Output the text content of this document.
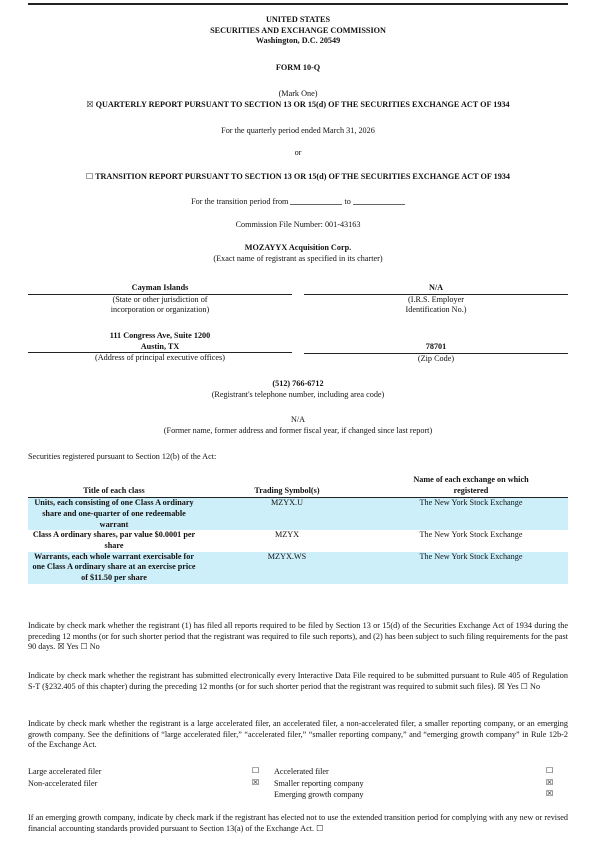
UNITED STATES
SECURITIES AND EXCHANGE COMMISSION
Washington, D.C. 20549
FORM 10-Q
(Mark One)
☒ QUARTERLY REPORT PURSUANT TO SECTION 13 OR 15(d) OF THE SECURITIES EXCHANGE ACT OF 1934
For the quarterly period ended March 31, 2026
or
☐ TRANSITION REPORT PURSUANT TO SECTION 13 OR 15(d) OF THE SECURITIES EXCHANGE ACT OF 1934
For the transition period from	to
Commission File Number: 001-43163
MOZAYYX Acquisition Corp.
(Exact name of registrant as specified in its charter)
Cayman Islands
(State or other jurisdiction of
incorporation or organization)
N/A
(I.R.S. Employer
Identification No.)
111 Congress Ave, Suite 1200
Austin, TX
(Address of principal executive offices)
78701
(Zip Code)
(512) 766-6712
(Registrant's telephone number, including area code)
N/A
(Former name, former address and former fiscal year, if changed since last report)
Securities registered pursuant to Section 12(b) of the Act:
Title of each class	Trading Symbol(s)	Name of each exchange on which
registered

Units, each consisting of one Class A ordinary share and one-quarter of one redeemable warrant	MZYX.U	The New York Stock Exchange
Class A ordinary shares, par value $0.0001 per share	MZYX	The New York Stock Exchange
Warrants, each whole warrant exercisable for one Class A ordinary share at an exercise price of $11.50 per share	MZYX.WS	The New York Stock Exchange
Indicate by check mark whether the registrant (1) has filed all reports required to be filed by Section 13 or 15(d) of the Securities Exchange Act of 1934 during the preceding 12 months (or for such shorter period that the registrant was required to file such reports), and (2) has been subject to such filing requirements for the past 90 days. ☒ Yes ☐ No
Indicate by check mark whether the registrant has submitted electronically every Interactive Data File required to be submitted pursuant to Rule 405 of Regulation S-T (§232.405 of this chapter) during the preceding 12 months (or for such shorter period that the registrant was required to submit such files). ☒ Yes ☐ No
Indicate by check mark whether the registrant is a large accelerated filer, an accelerated filer, a non-accelerated filer, a smaller reporting company, or an emerging growth company. See the definitions of “large accelerated filer,” “accelerated filer,” “smaller reporting company,” and “emerging growth company” in Rule 12b-2 of the Exchange Act.
Large accelerated filer	☐
Non-accelerated filer	☒
Accelerated filer	☐
Smaller reporting company	☒
Emerging growth company	☒
If an emerging growth company, indicate by check mark if the registrant has elected not to use the extended transition period for complying with any new or revised financial accounting standards provided pursuant to Section 13(a) of the Exchange Act. ☐
